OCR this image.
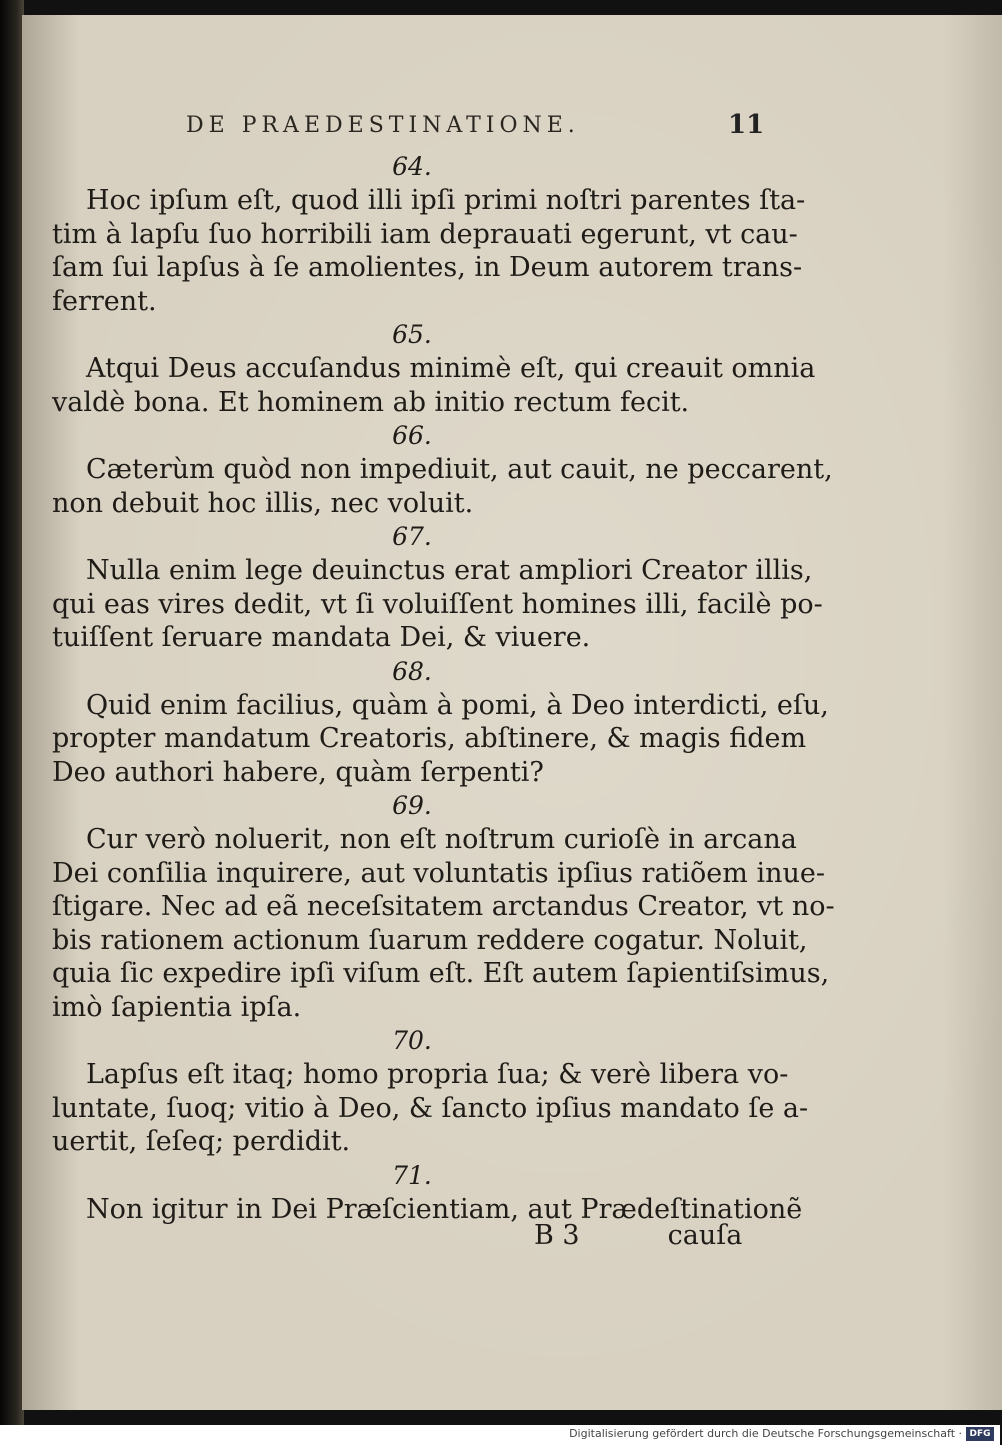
DE PRAEDESTINATIONE.	11
64.
Hoc ipſum eſt, quod illi ipſi primi noſtri parentes ſta-
tim à lapſu ſuo horribili iam deprauati egerunt, vt cau-
ſam ſui lapſus à ſe amolientes, in Deum autorem trans-
ferrent.
65.
Atqui Deus accuſandus minimè eſt, qui creauit omnia
valdè bona. Et hominem ab initio rectum fecit.
66.
Cæterùm quòd non impediuit, aut cauit, ne peccarent,
non debuit hoc illis, nec voluit.
67.
Nulla enim lege deuinctus erat ampliori Creator illis,
qui eas vires dedit, vt ſi voluiſſent homines illi, facilè po-
tuiſſent ſeruare mandata Dei, & viuere.
68.
Quid enim facilius, quàm à pomi, à Deo interdicti, eſu,
propter mandatum Creatoris, abſtinere, & magis fidem
Deo authori habere, quàm ſerpenti?
69.
Cur verò noluerit, non eſt noſtrum curioſè in arcana
Dei conſilia inquirere, aut voluntatis ipſius ratiõem inue-
ſtigare. Nec ad eã neceſsitatem arctandus Creator, vt no-
bis rationem actionum ſuarum reddere cogatur. Noluit,
quia ſic expedire ipſi viſum eſt. Eſt autem ſapientiſsimus,
imò ſapientia ipſa.
70.
Lapſus eſt itaq; homo propria ſua; & verè libera vo-
luntate, ſuoq; vitio à Deo, & ſancto ipſius mandato ſe a-
uertit, ſeſeq; perdidit.
71.
Non igitur in Dei Præſcientiam, aut Prædeſtinationẽ
B 3	cauſa
Digitalisierung gefördert durch die Deutsche Forschungsgemeinschaft · DFG
